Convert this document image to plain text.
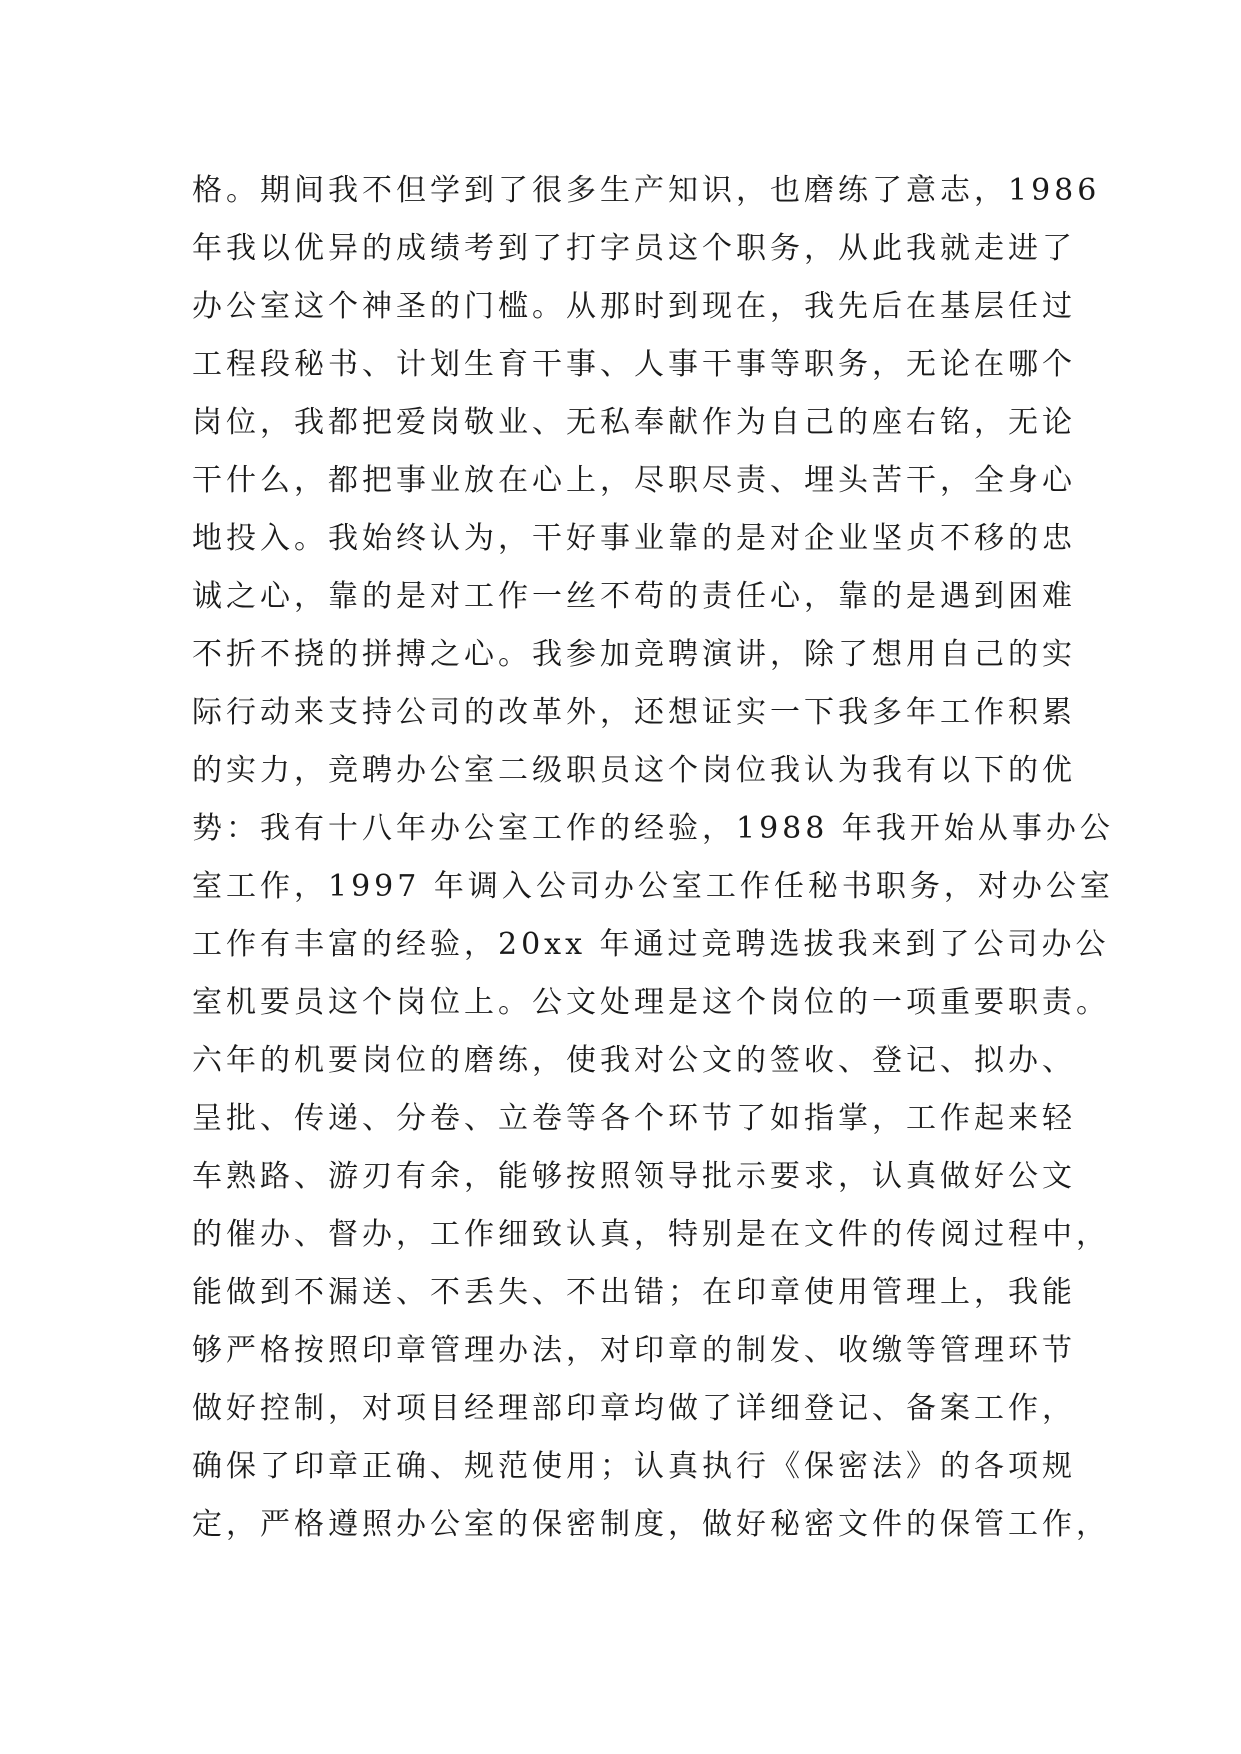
格。期间我不但学到了很多生产知识，也磨练了意志，1986
年我以优异的成绩考到了打字员这个职务，从此我就走进了
办公室这个神圣的门槛。从那时到现在，我先后在基层任过
工程段秘书、计划生育干事、人事干事等职务，无论在哪个
岗位，我都把爱岗敬业、无私奉献作为自己的座右铭，无论
干什么，都把事业放在心上，尽职尽责、埋头苦干，全身心
地投入。我始终认为，干好事业靠的是对企业坚贞不移的忠
诚之心，靠的是对工作一丝不苟的责任心，靠的是遇到困难
不折不挠的拼搏之心。我参加竞聘演讲，除了想用自己的实
际行动来支持公司的改革外，还想证实一下我多年工作积累
的实力，竞聘办公室二级职员这个岗位我认为我有以下的优
势：我有十八年办公室工作的经验，1988 年我开始从事办公
室工作，1997 年调入公司办公室工作任秘书职务，对办公室
工作有丰富的经验，20xx 年通过竞聘选拔我来到了公司办公
室机要员这个岗位上。公文处理是这个岗位的一项重要职责。
六年的机要岗位的磨练，使我对公文的签收、登记、拟办、
呈批、传递、分卷、立卷等各个环节了如指掌，工作起来轻
车熟路、游刃有余，能够按照领导批示要求，认真做好公文
的催办、督办，工作细致认真，特别是在文件的传阅过程中，
能做到不漏送、不丢失、不出错；在印章使用管理上，我能
够严格按照印章管理办法，对印章的制发、收缴等管理环节
做好控制，对项目经理部印章均做了详细登记、备案工作，
确保了印章正确、规范使用；认真执行《保密法》的各项规
定，严格遵照办公室的保密制度，做好秘密文件的保管工作，
